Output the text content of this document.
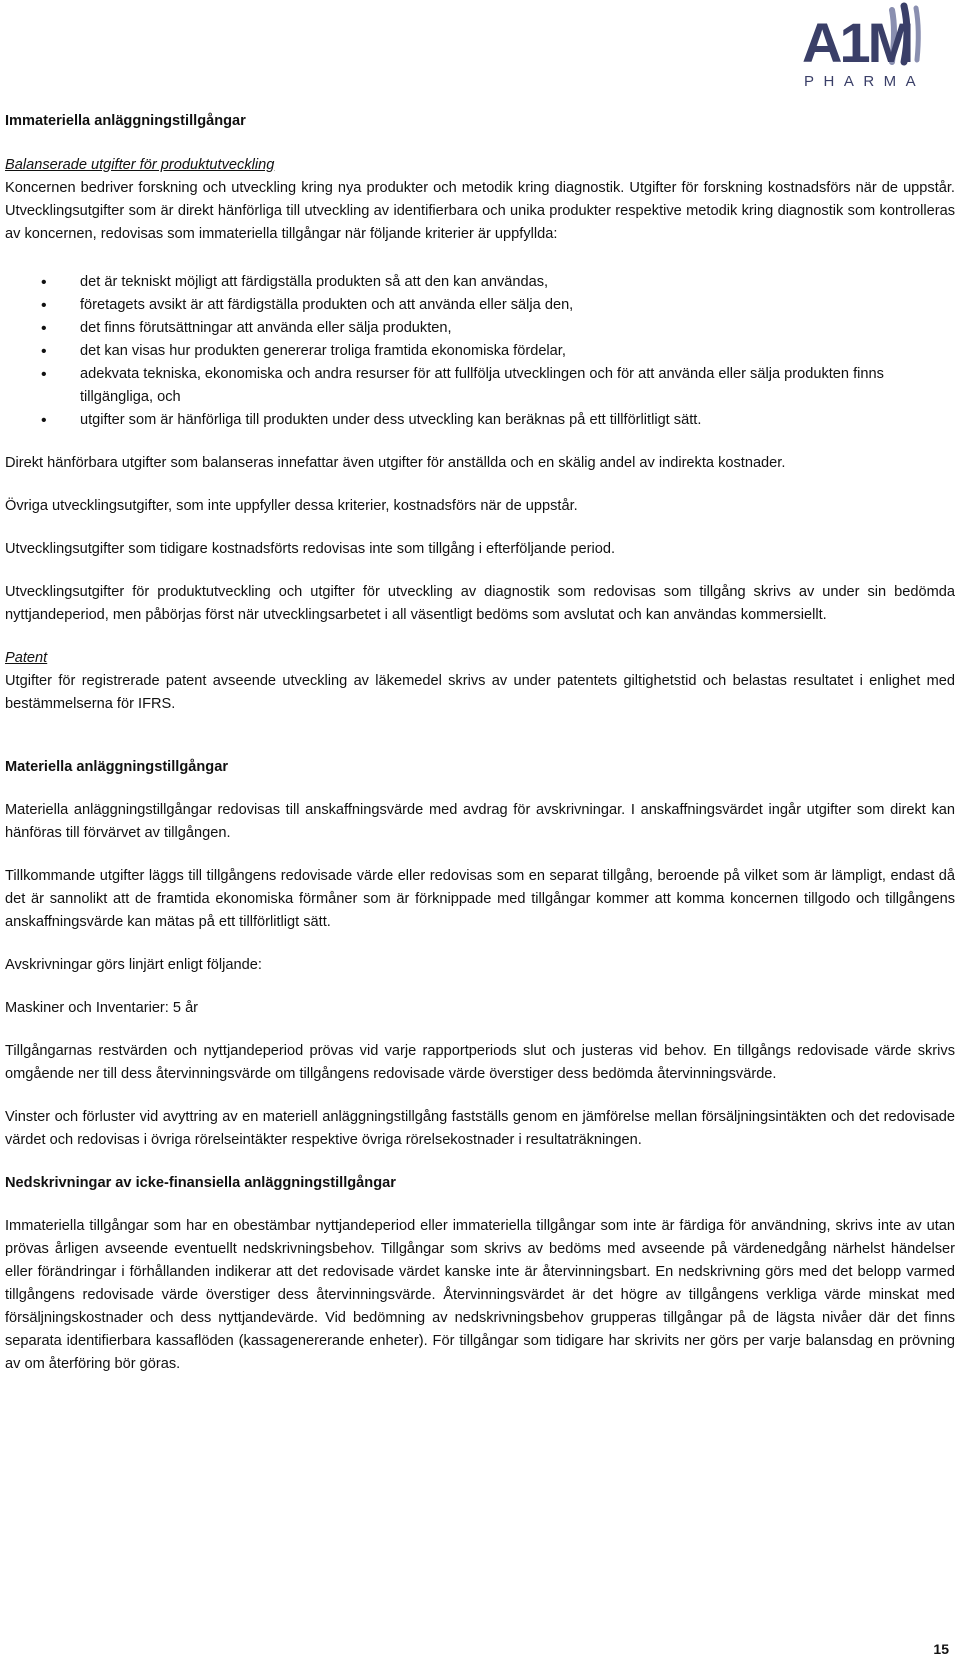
A1M
PHARMA
Immateriella anläggningstillgångar

Balanserade utgifter för produktutveckling

Koncernen bedriver forskning och utveckling kring nya produkter och metodik kring diagnostik. Utgifter för forskning kostnadsförs när de uppstår. Utvecklingsutgifter som är direkt hänförliga till utveckling av identifierbara och unika produkter respektive metodik kring diagnostik som kontrolleras av koncernen, redovisas som immateriella tillgångar när följande kriterier är uppfyllda:

• det är tekniskt möjligt att färdigställa produkten så att den kan användas,
• företagets avsikt är att färdigställa produkten och att använda eller sälja den,
• det finns förutsättningar att använda eller sälja produkten,
• det kan visas hur produkten genererar troliga framtida ekonomiska fördelar,
• adekvata tekniska, ekonomiska och andra resurser för att fullfölja utvecklingen och för att använda eller sälja produkten finns tillgängliga, och
• utgifter som är hänförliga till produkten under dess utveckling kan beräknas på ett tillförlitligt sätt.

Direkt hänförbara utgifter som balanseras innefattar även utgifter för anställda och en skälig andel av indirekta kostnader.

Övriga utvecklingsutgifter, som inte uppfyller dessa kriterier, kostnadsförs när de uppstår.

Utvecklingsutgifter som tidigare kostnadsförts redovisas inte som tillgång i efterföljande period.

Utvecklingsutgifter för produktutveckling och utgifter för utveckling av diagnostik som redovisas som tillgång skrivs av under sin bedömda nyttjandeperiod, men påbörjas först när utvecklingsarbetet i all väsentligt bedöms som avslutat och kan användas kommersiellt.

Patent

Utgifter för registrerade patent avseende utveckling av läkemedel skrivs av under patentets giltighetstid och belastas resultatet i enlighet med bestämmelserna för IFRS.

Materiella anläggningstillgångar

Materiella anläggningstillgångar redovisas till anskaffningsvärde med avdrag för avskrivningar. I anskaffningsvärdet ingår utgifter som direkt kan hänföras till förvärvet av tillgången.

Tillkommande utgifter läggs till tillgångens redovisade värde eller redovisas som en separat tillgång, beroende på vilket som är lämpligt, endast då det är sannolikt att de framtida ekonomiska förmåner som är förknippade med tillgångar kommer att komma koncernen tillgodo och tillgångens anskaffningsvärde kan mätas på ett tillförlitligt sätt.

Avskrivningar görs linjärt enligt följande:

Maskiner och Inventarier: 5 år

Tillgångarnas restvärden och nyttjandeperiod prövas vid varje rapportperiods slut och justeras vid behov. En tillgångs redovisade värde skrivs omgående ner till dess återvinningsvärde om tillgångens redovisade värde överstiger dess bedömda återvinningsvärde.

Vinster och förluster vid avyttring av en materiell anläggningstillgång fastställs genom en jämförelse mellan försäljningsintäkten och det redovisade värdet och redovisas i övriga rörelseintäkter respektive övriga rörelsekostnader i resultaträkningen.

Nedskrivningar av icke-finansiella anläggningstillgångar

Immateriella tillgångar som har en obestämbar nyttjandeperiod eller immateriella tillgångar som inte är färdiga för användning, skrivs inte av utan prövas årligen avseende eventuellt nedskrivningsbehov. Tillgångar som skrivs av bedöms med avseende på värdenedgång närhelst händelser eller förändringar i förhållanden indikerar att det redovisade värdet kanske inte är återvinningsbart. En nedskrivning görs med det belopp varmed tillgångens redovisade värde överstiger dess återvinningsvärde. Återvinningsvärdet är det högre av tillgångens verkliga värde minskat med försäljningskostnader och dess nyttjandevärde. Vid bedömning av nedskrivningsbehov grupperas tillgångar på de lägsta nivåer där det finns separata identifierbara kassaflöden (kassagenererande enheter). För tillgångar som tidigare har skrivits ner görs per varje balansdag en prövning av om återföring bör göras.

15
